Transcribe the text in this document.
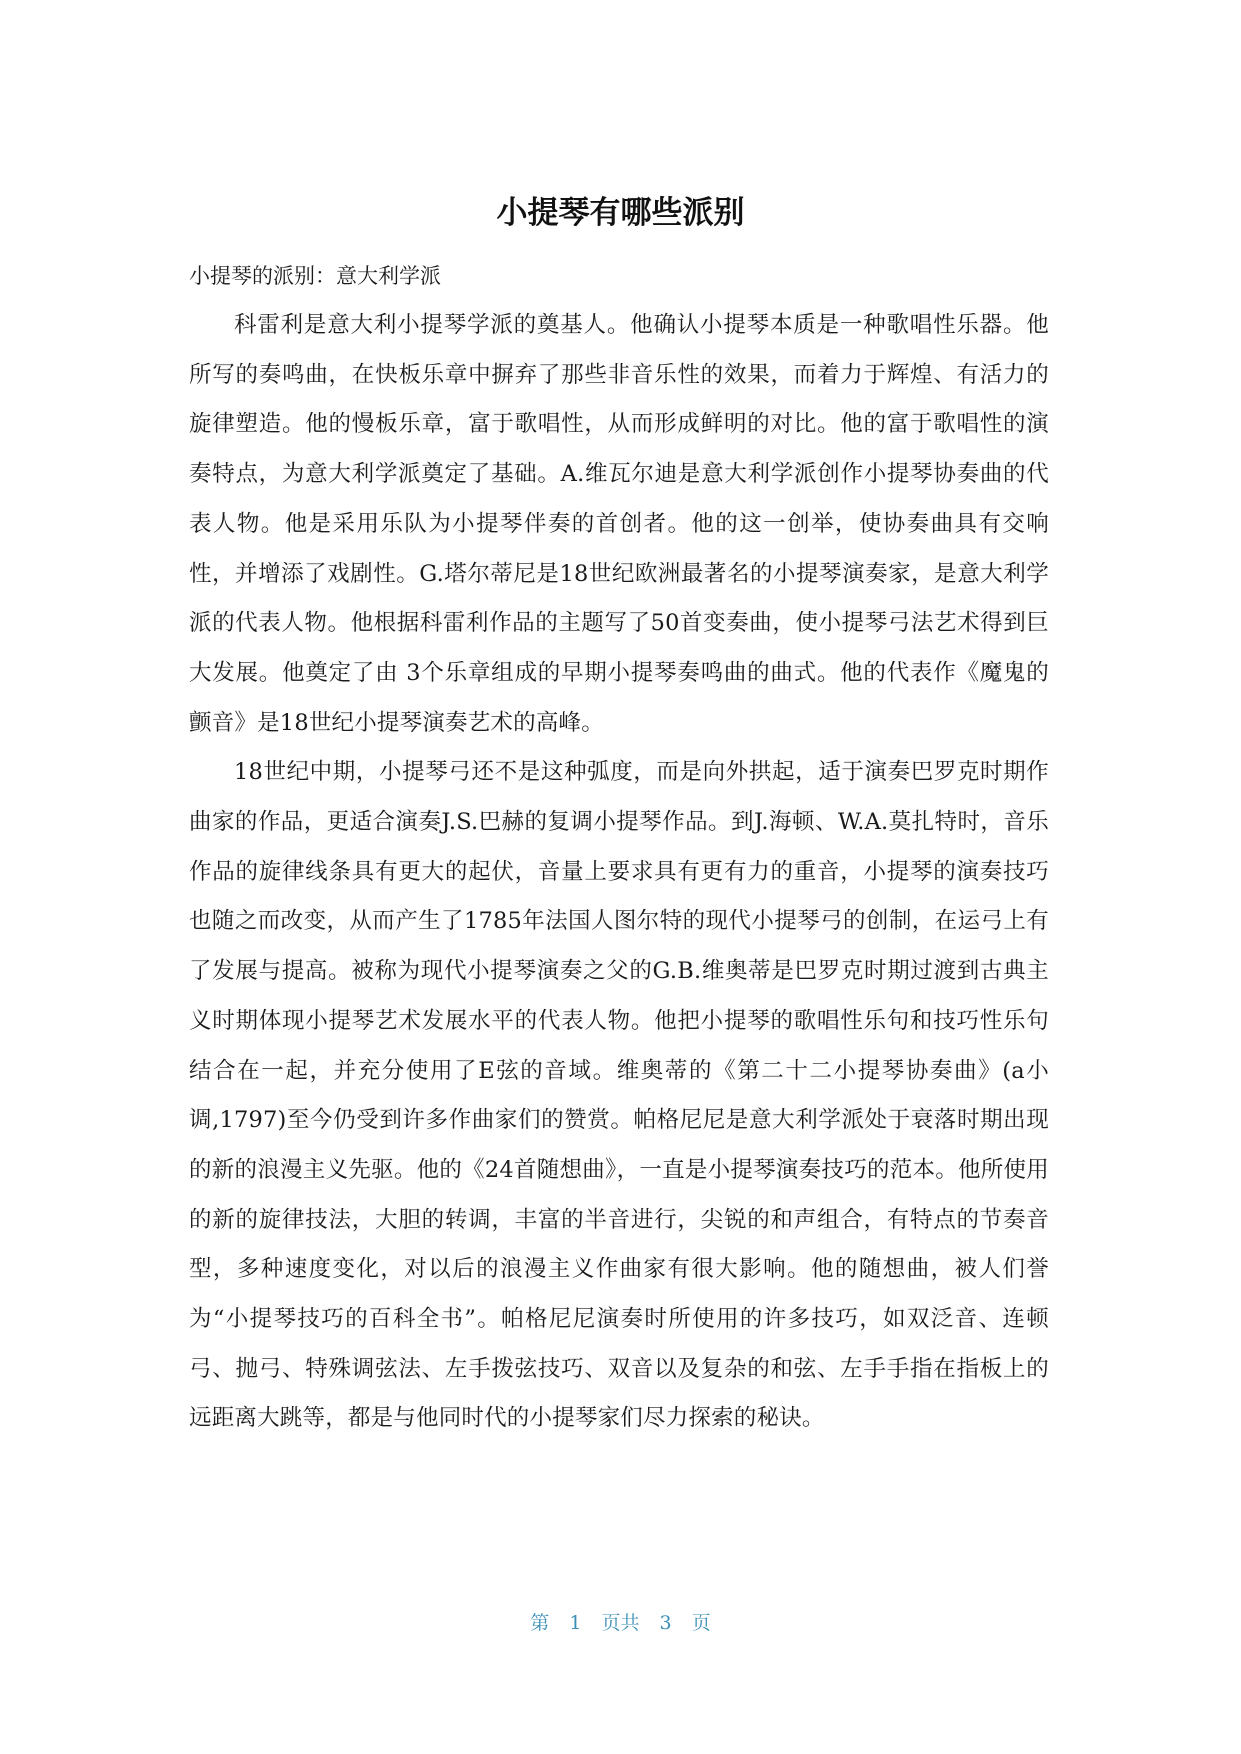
小提琴有哪些派别

小提琴的派别：意大利学派

科雷利是意大利小提琴学派的奠基人。他确认小提琴本质是一种歌唱性乐器。他所写的奏鸣曲，在快板乐章中摒弃了那些非音乐性的效果，而着力于辉煌、有活力的旋律塑造。他的慢板乐章，富于歌唱性，从而形成鲜明的对比。他的富于歌唱性的演奏特点，为意大利学派奠定了基础。A.维瓦尔迪是意大利学派创作小提琴协奏曲的代表人物。他是采用乐队为小提琴伴奏的首创者。他的这一创举，使协奏曲具有交响性，并增添了戏剧性。G.塔尔蒂尼是18世纪欧洲最著名的小提琴演奏家，是意大利学派的代表人物。他根据科雷利作品的主题写了50首变奏曲，使小提琴弓法艺术得到巨大发展。他奠定了由 3个乐章组成的早期小提琴奏鸣曲的曲式。他的代表作《魔鬼的颤音》是18世纪小提琴演奏艺术的高峰。

18世纪中期，小提琴弓还不是这种弧度，而是向外拱起，适于演奏巴罗克时期作曲家的作品，更适合演奏J.S.巴赫的复调小提琴作品。到J.海顿、W.A.莫扎特时，音乐作品的旋律线条具有更大的起伏，音量上要求具有更有力的重音，小提琴的演奏技巧也随之而改变，从而产生了1785年法国人图尔特的现代小提琴弓的创制，在运弓上有了发展与提高。被称为现代小提琴演奏之父的G.B.维奥蒂是巴罗克时期过渡到古典主义时期体现小提琴艺术发展水平的代表人物。他把小提琴的歌唱性乐句和技巧性乐句结合在一起，并充分使用了E弦的音域。维奥蒂的《第二十二小提琴协奏曲》(a小调,1797)至今仍受到许多作曲家们的赞赏。帕格尼尼是意大利学派处于衰落时期出现的新的浪漫主义先驱。他的《24首随想曲》，一直是小提琴演奏技巧的范本。他所使用的新的旋律技法，大胆的转调，丰富的半音进行，尖锐的和声组合，有特点的节奏音型，多种速度变化，对以后的浪漫主义作曲家有很大影响。他的随想曲，被人们誉为“小提琴技巧的百科全书”。帕格尼尼演奏时所使用的许多技巧，如双泛音、连顿弓、抛弓、特殊调弦法、左手拨弦技巧、双音以及复杂的和弦、左手手指在指板上的远距离大跳等，都是与他同时代的小提琴家们尽力探索的秘诀。

第 1 页共 3 页
